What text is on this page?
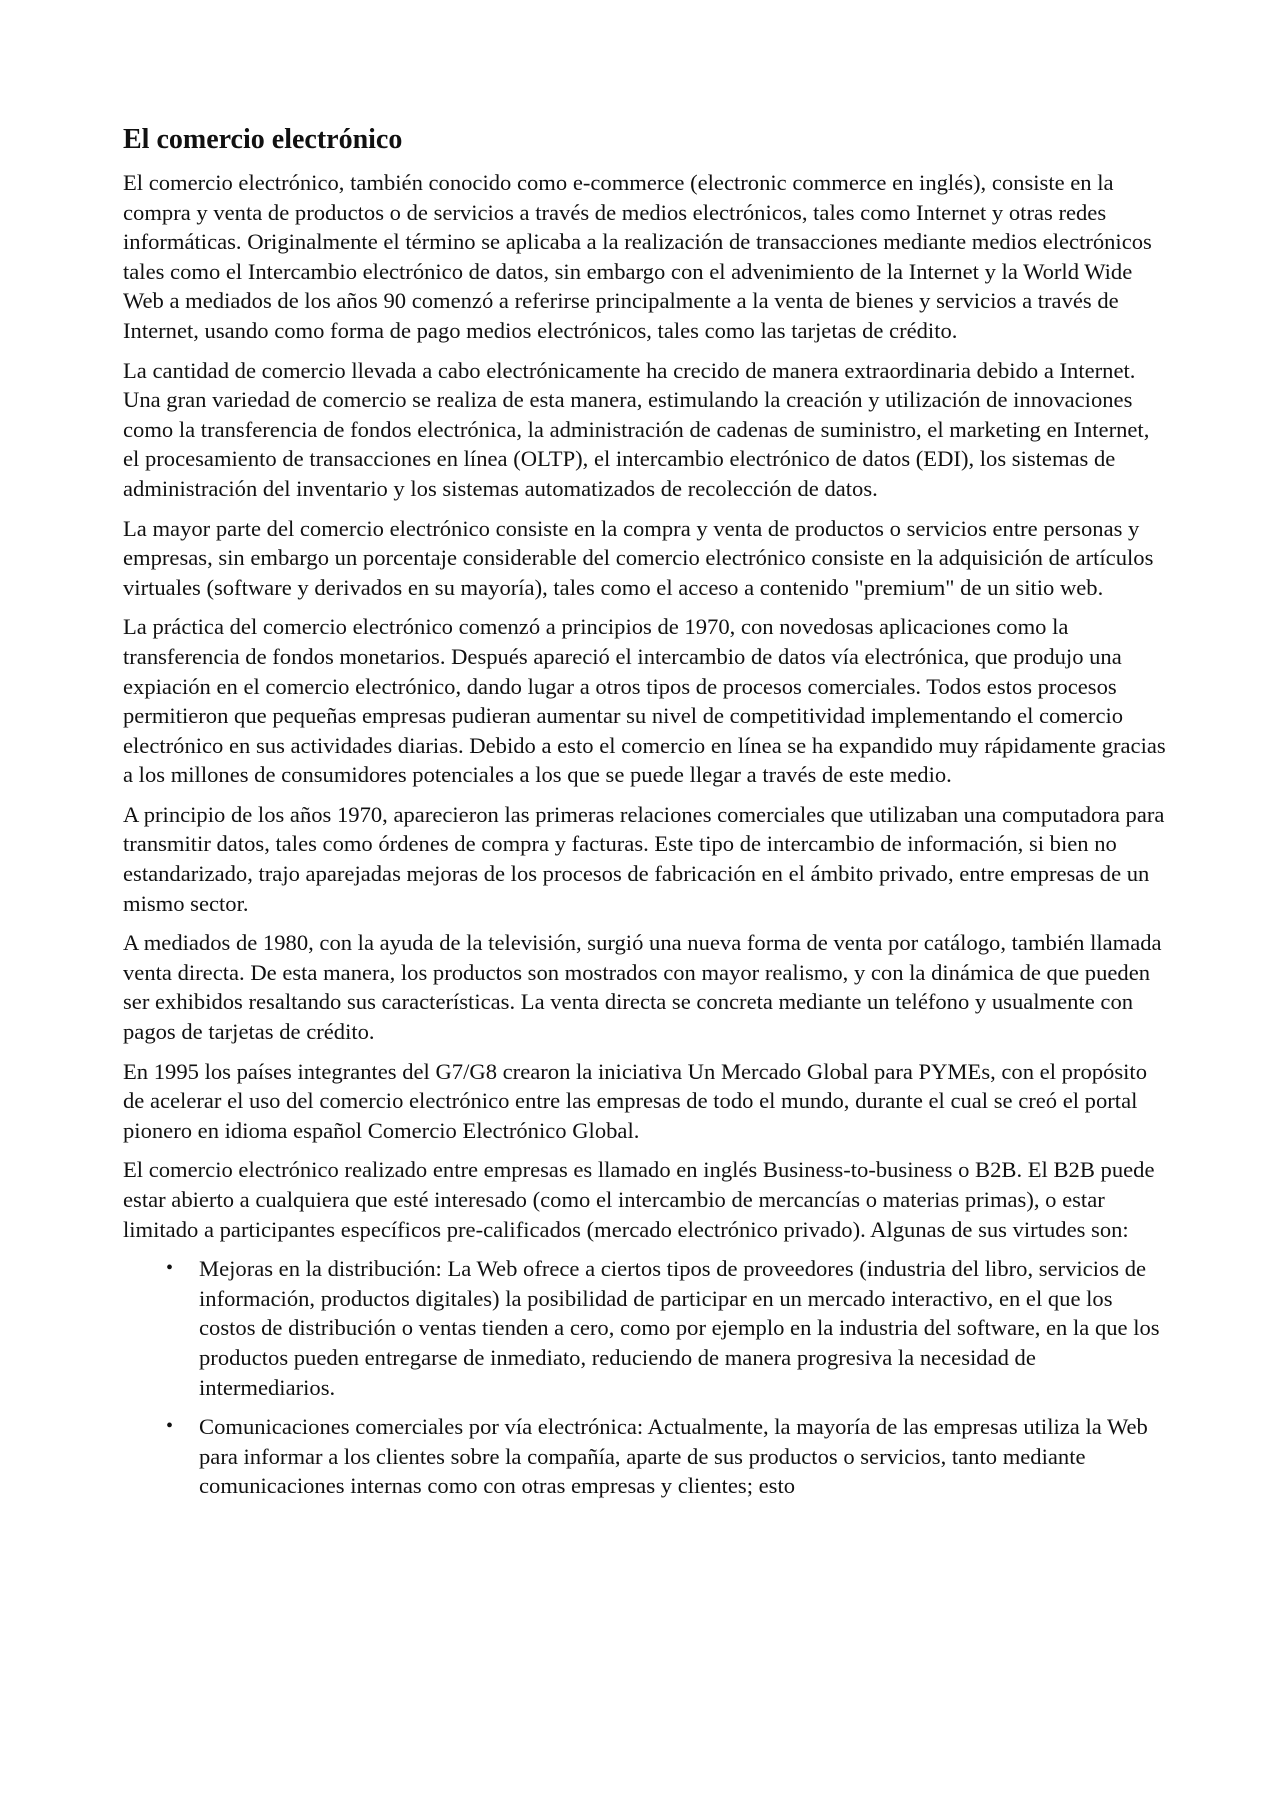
El comercio electrónico

El comercio electrónico, también conocido como e-commerce (electronic commerce en inglés), consiste en la compra y venta de productos o de servicios a través de medios electrónicos, tales como Internet y otras redes informáticas. Originalmente el término se aplicaba a la realización de transacciones mediante medios electrónicos tales como el Intercambio electrónico de datos, sin embargo con el advenimiento de la Internet y la World Wide Web a mediados de los años 90 comenzó a referirse principalmente a la venta de bienes y servicios a través de Internet, usando como forma de pago medios electrónicos, tales como las tarjetas de crédito.

La cantidad de comercio llevada a cabo electrónicamente ha crecido de manera extraordinaria debido a Internet. Una gran variedad de comercio se realiza de esta manera, estimulando la creación y utilización de innovaciones como la transferencia de fondos electrónica, la administración de cadenas de suministro, el marketing en Internet, el procesamiento de transacciones en línea (OLTP), el intercambio electrónico de datos (EDI), los sistemas de administración del inventario y los sistemas automatizados de recolección de datos.

La mayor parte del comercio electrónico consiste en la compra y venta de productos o servicios entre personas y empresas, sin embargo un porcentaje considerable del comercio electrónico consiste en la adquisición de artículos virtuales (software y derivados en su mayoría), tales como el acceso a contenido "premium" de un sitio web.

La práctica del comercio electrónico comenzó a principios de 1970, con novedosas aplicaciones como la transferencia de fondos monetarios. Después apareció el intercambio de datos vía electrónica, que produjo una expiación en el comercio electrónico, dando lugar a otros tipos de procesos comerciales. Todos estos procesos permitieron que pequeñas empresas pudieran aumentar su nivel de competitividad implementando el comercio electrónico en sus actividades diarias. Debido a esto el comercio en línea se ha expandido muy rápidamente gracias a los millones de consumidores potenciales a los que se puede llegar a través de este medio.

A principio de los años 1970, aparecieron las primeras relaciones comerciales que utilizaban una computadora para transmitir datos, tales como órdenes de compra y facturas. Este tipo de intercambio de información, si bien no estandarizado, trajo aparejadas mejoras de los procesos de fabricación en el ámbito privado, entre empresas de un mismo sector.

A mediados de 1980, con la ayuda de la televisión, surgió una nueva forma de venta por catálogo, también llamada venta directa. De esta manera, los productos son mostrados con mayor realismo, y con la dinámica de que pueden ser exhibidos resaltando sus características. La venta directa se concreta mediante un teléfono y usualmente con pagos de tarjetas de crédito.

En 1995 los países integrantes del G7/G8 crearon la iniciativa Un Mercado Global para PYMEs, con el propósito de acelerar el uso del comercio electrónico entre las empresas de todo el mundo, durante el cual se creó el portal pionero en idioma español Comercio Electrónico Global.

El comercio electrónico realizado entre empresas es llamado en inglés Business-to-business o B2B. El B2B puede estar abierto a cualquiera que esté interesado (como el intercambio de mercancías o materias primas), o estar limitado a participantes específicos pre-calificados (mercado electrónico privado). Algunas de sus virtudes son:

• Mejoras en la distribución: La Web ofrece a ciertos tipos de proveedores (industria del libro, servicios de información, productos digitales) la posibilidad de participar en un mercado interactivo, en el que los costos de distribución o ventas tienden a cero, como por ejemplo en la industria del software, en la que los productos pueden entregarse de inmediato, reduciendo de manera progresiva la necesidad de intermediarios.
• Comunicaciones comerciales por vía electrónica: Actualmente, la mayoría de las empresas utiliza la Web para informar a los clientes sobre la compañía, aparte de sus productos o servicios, tanto mediante comunicaciones internas como con otras empresas y clientes; esto
